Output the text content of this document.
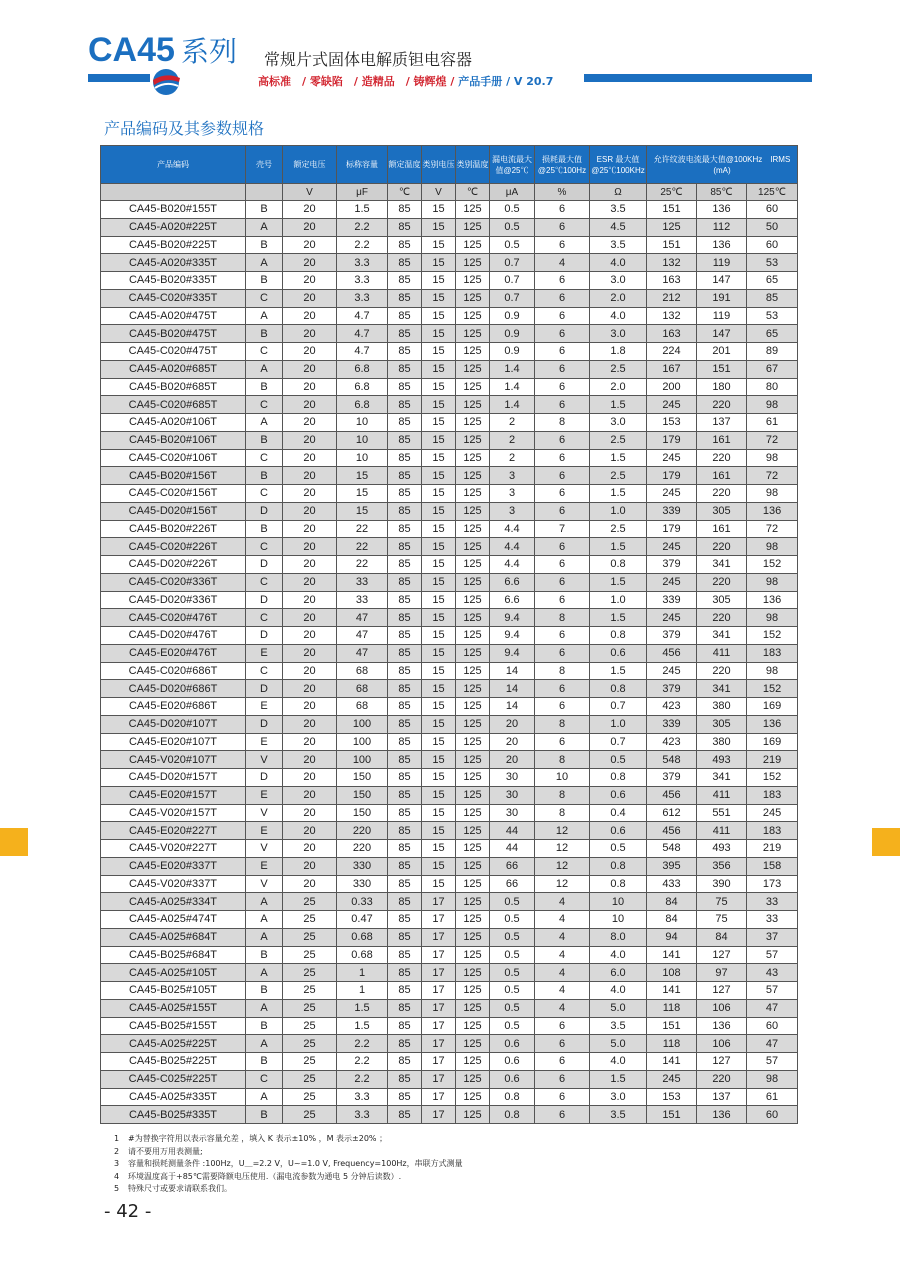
CA45 系列 常规片式固体电解质钽电容器
高标准　/ 零缺陷　/ 造精品　/ 铸辉煌 / 产品手册 / V 20.7
产品编码及其参数规格
产品编码	壳号	额定电压	标称容量	额定温度	类别电压	类别温度	漏电流最大值@25℃	损耗最大值@25℃100Hz	ESR 最大值@25℃100KHz	允许纹波电流最大值@100KHz　IRMS (mA)		
		V	μF	℃	V	℃	μA	%	Ω	25℃	85℃	125℃
CA45-B020#155T	B	20	1.5	85	15	125	0.5	6	3.5	151	136	60
CA45-A020#225T	A	20	2.2	85	15	125	0.5	6	4.5	125	112	50
CA45-B020#225T	B	20	2.2	85	15	125	0.5	6	3.5	151	136	60
CA45-A020#335T	A	20	3.3	85	15	125	0.7	4	4.0	132	119	53
CA45-B020#335T	B	20	3.3	85	15	125	0.7	6	3.0	163	147	65
CA45-C020#335T	C	20	3.3	85	15	125	0.7	6	2.0	212	191	85
CA45-A020#475T	A	20	4.7	85	15	125	0.9	6	4.0	132	119	53
CA45-B020#475T	B	20	4.7	85	15	125	0.9	6	3.0	163	147	65
CA45-C020#475T	C	20	4.7	85	15	125	0.9	6	1.8	224	201	89
CA45-A020#685T	A	20	6.8	85	15	125	1.4	6	2.5	167	151	67
CA45-B020#685T	B	20	6.8	85	15	125	1.4	6	2.0	200	180	80
CA45-C020#685T	C	20	6.8	85	15	125	1.4	6	1.5	245	220	98
CA45-A020#106T	A	20	10	85	15	125	2	8	3.0	153	137	61
CA45-B020#106T	B	20	10	85	15	125	2	6	2.5	179	161	72
CA45-C020#106T	C	20	10	85	15	125	2	6	1.5	245	220	98
CA45-B020#156T	B	20	15	85	15	125	3	6	2.5	179	161	72
CA45-C020#156T	C	20	15	85	15	125	3	6	1.5	245	220	98
CA45-D020#156T	D	20	15	85	15	125	3	6	1.0	339	305	136
CA45-B020#226T	B	20	22	85	15	125	4.4	7	2.5	179	161	72
CA45-C020#226T	C	20	22	85	15	125	4.4	6	1.5	245	220	98
CA45-D020#226T	D	20	22	85	15	125	4.4	6	0.8	379	341	152
CA45-C020#336T	C	20	33	85	15	125	6.6	6	1.5	245	220	98
CA45-D020#336T	D	20	33	85	15	125	6.6	6	1.0	339	305	136
CA45-C020#476T	C	20	47	85	15	125	9.4	8	1.5	245	220	98
CA45-D020#476T	D	20	47	85	15	125	9.4	6	0.8	379	341	152
CA45-E020#476T	E	20	47	85	15	125	9.4	6	0.6	456	411	183
CA45-C020#686T	C	20	68	85	15	125	14	8	1.5	245	220	98
CA45-D020#686T	D	20	68	85	15	125	14	6	0.8	379	341	152
CA45-E020#686T	E	20	68	85	15	125	14	6	0.7	423	380	169
CA45-D020#107T	D	20	100	85	15	125	20	8	1.0	339	305	136
CA45-E020#107T	E	20	100	85	15	125	20	6	0.7	423	380	169
CA45-V020#107T	V	20	100	85	15	125	20	8	0.5	548	493	219
CA45-D020#157T	D	20	150	85	15	125	30	10	0.8	379	341	152
CA45-E020#157T	E	20	150	85	15	125	30	8	0.6	456	411	183
CA45-V020#157T	V	20	150	85	15	125	30	8	0.4	612	551	245
CA45-E020#227T	E	20	220	85	15	125	44	12	0.6	456	411	183
CA45-V020#227T	V	20	220	85	15	125	44	12	0.5	548	493	219
CA45-E020#337T	E	20	330	85	15	125	66	12	0.8	395	356	158
CA45-V020#337T	V	20	330	85	15	125	66	12	0.8	433	390	173
CA45-A025#334T	A	25	0.33	85	17	125	0.5	4	10	84	75	33
CA45-A025#474T	A	25	0.47	85	17	125	0.5	4	10	84	75	33
CA45-A025#684T	A	25	0.68	85	17	125	0.5	4	8.0	94	84	37
CA45-B025#684T	B	25	0.68	85	17	125	0.5	4	4.0	141	127	57
CA45-A025#105T	A	25	1	85	17	125	0.5	4	6.0	108	97	43
CA45-B025#105T	B	25	1	85	17	125	0.5	4	4.0	141	127	57
CA45-A025#155T	A	25	1.5	85	17	125	0.5	4	5.0	118	106	47
CA45-B025#155T	B	25	1.5	85	17	125	0.5	6	3.5	151	136	60
CA45-A025#225T	A	25	2.2	85	17	125	0.6	6	5.0	118	106	47
CA45-B025#225T	B	25	2.2	85	17	125	0.6	6	4.0	141	127	57
CA45-C025#225T	C	25	2.2	85	17	125	0.6	6	1.5	245	220	98
CA45-A025#335T	A	25	3.3	85	17	125	0.8	6	3.0	153	137	61
CA45-B025#335T	B	25	3.3	85	17	125	0.8	6	3.5	151	136	60
1 #为替换字符用以表示容量允差 ，填入 K 表示±10% ，M 表示±20% ；
2 请不要用万用表测量;
3 容量和损耗测量条件 :100Hz，U＿=2.2 V，U~=1.0 V, Frequency=100Hz，串联方式测量
4 环境温度高于+85℃需要降额电压使用.（漏电流参数为通电 5 分钟后读数）.
5 特殊尺寸或要求请联系我们。
- 42 -
